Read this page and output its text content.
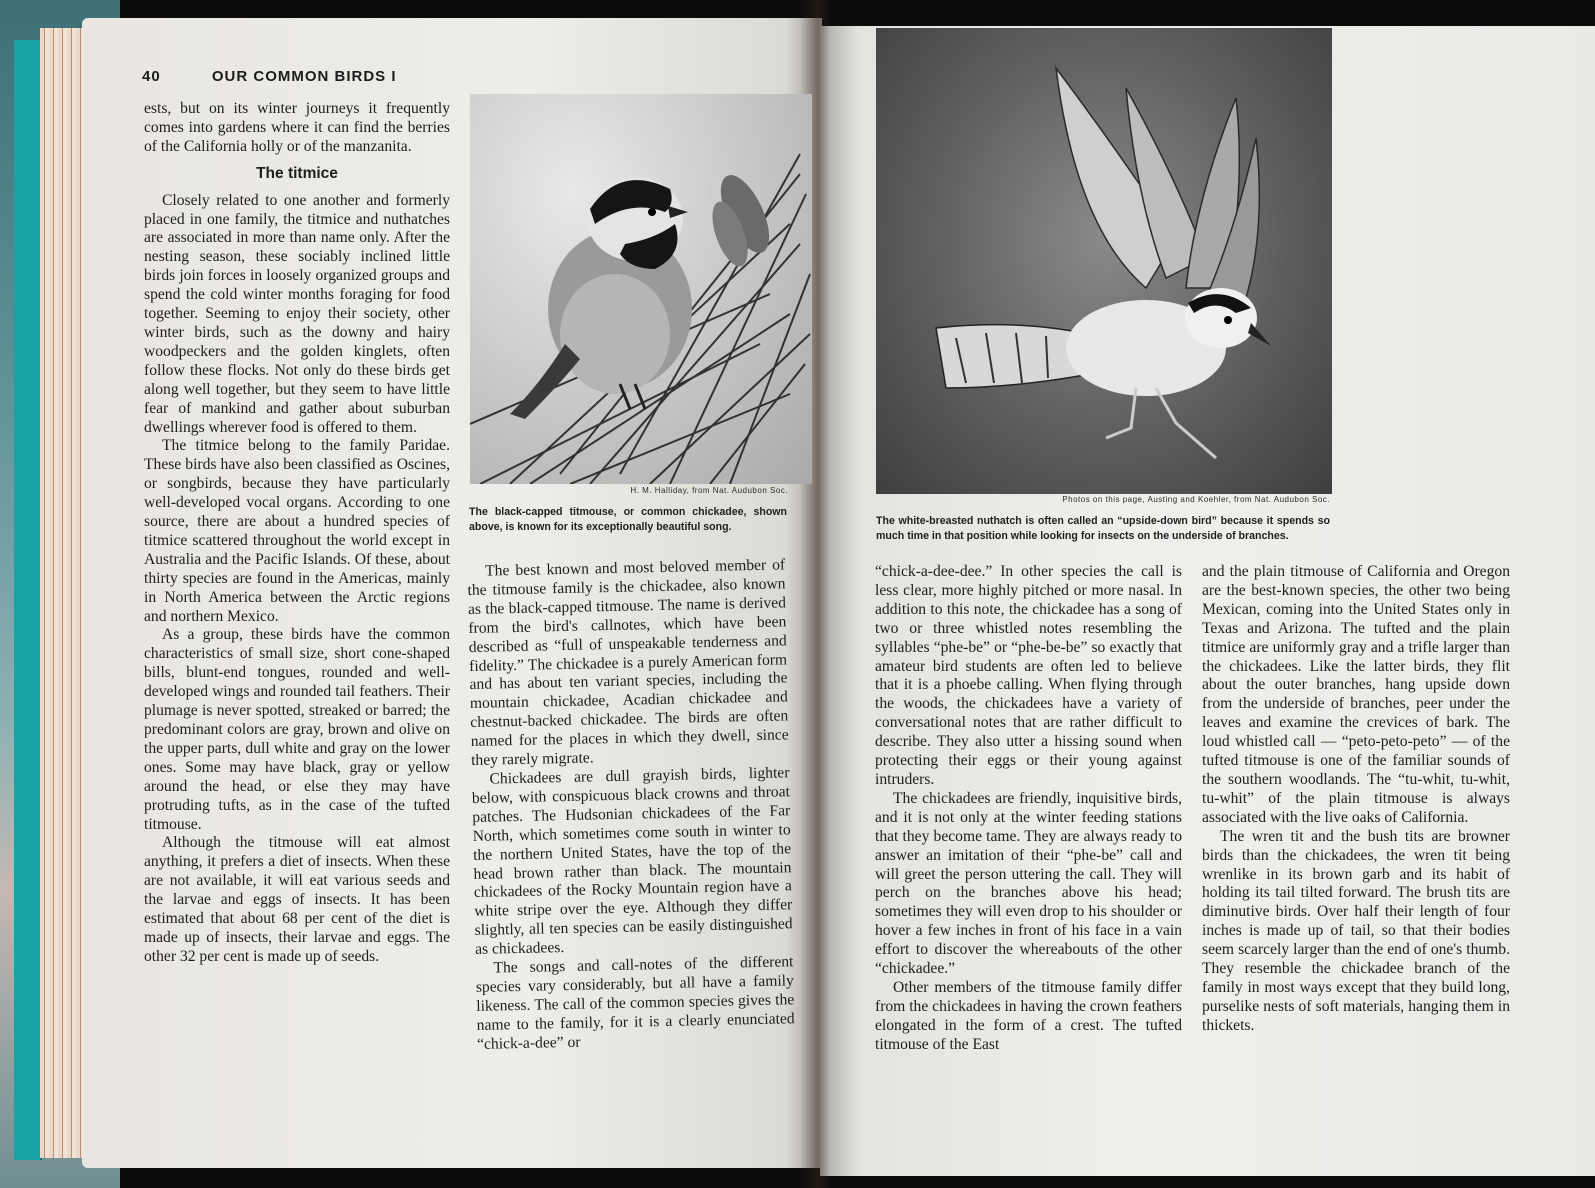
40	OUR COMMON BIRDS I

ests, but on its winter journeys it frequently comes into gardens where it can find the berries of the California holly or of the manzanita.

The titmice

Closely related to one another and formerly placed in one family, the titmice and nuthatches are associated in more than name only. After the nesting season, these sociably inclined little birds join forces in loosely organized groups and spend the cold winter months foraging for food together. Seeming to enjoy their society, other winter birds, such as the downy and hairy woodpeckers and the golden kinglets, often follow these flocks. Not only do these birds get along well together, but they seem to have little fear of mankind and gather about suburban dwellings wherever food is offered to them.

The titmice belong to the family Paridae. These birds have also been classified as Oscines, or songbirds, because they have particularly well-developed vocal organs. According to one source, there are about a hundred species of titmice scattered throughout the world except in Australia and the Pacific Islands. Of these, about thirty species are found in the Americas, mainly in North America between the Arctic regions and northern Mexico.

As a group, these birds have the common characteristics of small size, short cone-shaped bills, blunt-end tongues, rounded and well-developed wings and rounded tail feathers. Their plumage is never spotted, streaked or barred; the predominant colors are gray, brown and olive on the upper parts, dull white and gray on the lower ones. Some may have black, gray or yellow around the head, or else they may have protruding tufts, as in the case of the tufted titmouse.

Although the titmouse will eat almost anything, it prefers a diet of insects. When these are not available, it will eat various seeds and the larvae and eggs of insects. It has been estimated that about 68 per cent of the diet is made up of insects, their larvae and eggs. The other 32 per cent is made up of seeds.

H. M. Halliday, from Nat. Audubon Soc.
The black-capped titmouse, or common chickadee, shown above, is known for its exceptionally beautiful song.

The best known and most beloved member of the titmouse family is the chickadee, also known as the black-capped titmouse. The name is derived from the bird's callnotes, which have been described as “full of unspeakable tenderness and fidelity.” The chickadee is a purely American form and has about ten variant species, including the mountain chickadee, Acadian chickadee and chestnut-backed chickadee. The birds are often named for the places in which they dwell, since they rarely migrate.

Chickadees are dull grayish birds, lighter below, with conspicuous black crowns and throat patches. The Hudsonian chickadees of the Far North, which sometimes come south in winter to the northern United States, have the top of the head brown rather than black. The mountain chickadees of the Rocky Mountain region have a white stripe over the eye. Although they differ slightly, all ten species can be easily distinguished as chickadees.

The songs and call-notes of the different species vary considerably, but all have a family likeness. The call of the common species gives the name to the family, for it is a clearly enunciated “chick-a-dee” or

Photos on this page, Austing and Koehler, from Nat. Audubon Soc.
The white-breasted nuthatch is often called an “upside-down bird” because it spends so much time in that position while looking for insects on the underside of branches.

“chick-a-dee-dee.” In other species the call is less clear, more highly pitched or more nasal. In addition to this note, the chickadee has a song of two or three whistled notes resembling the syllables “phe-be” or “phe-be-be” so exactly that amateur bird students are often led to believe that it is a phoebe calling. When flying through the woods, the chickadees have a variety of conversational notes that are rather difficult to describe. They also utter a hissing sound when protecting their eggs or their young against intruders.

The chickadees are friendly, inquisitive birds, and it is not only at the winter feeding stations that they become tame. They are always ready to answer an imitation of their “phe-be” call and will greet the person uttering the call. They will perch on the branches above his head; sometimes they will even drop to his shoulder or hover a few inches in front of his face in a vain effort to discover the whereabouts of the other “chickadee.”

Other members of the titmouse family differ from the chickadees in having the crown feathers elongated in the form of a crest. The tufted titmouse of the East

and the plain titmouse of California and Oregon are the best-known species, the other two being Mexican, coming into the United States only in Texas and Arizona. The tufted and the plain titmice are uniformly gray and a trifle larger than the chickadees. Like the latter birds, they flit about the outer branches, hang upside down from the underside of branches, peer under the leaves and examine the crevices of bark. The loud whistled call — “peto-peto-peto” — of the tufted titmouse is one of the familiar sounds of the southern woodlands. The “tu-whit, tu-whit, tu-whit” of the plain titmouse is always associated with the live oaks of California.

The wren tit and the bush tits are browner birds than the chickadees, the wren tit being wrenlike in its brown garb and its habit of holding its tail tilted forward. The brush tits are diminutive birds. Over half their length of four inches is made up of tail, so that their bodies seem scarcely larger than the end of one's thumb. They resemble the chickadee branch of the family in most ways except that they build long, purselike nests of soft materials, hanging them in thickets.
